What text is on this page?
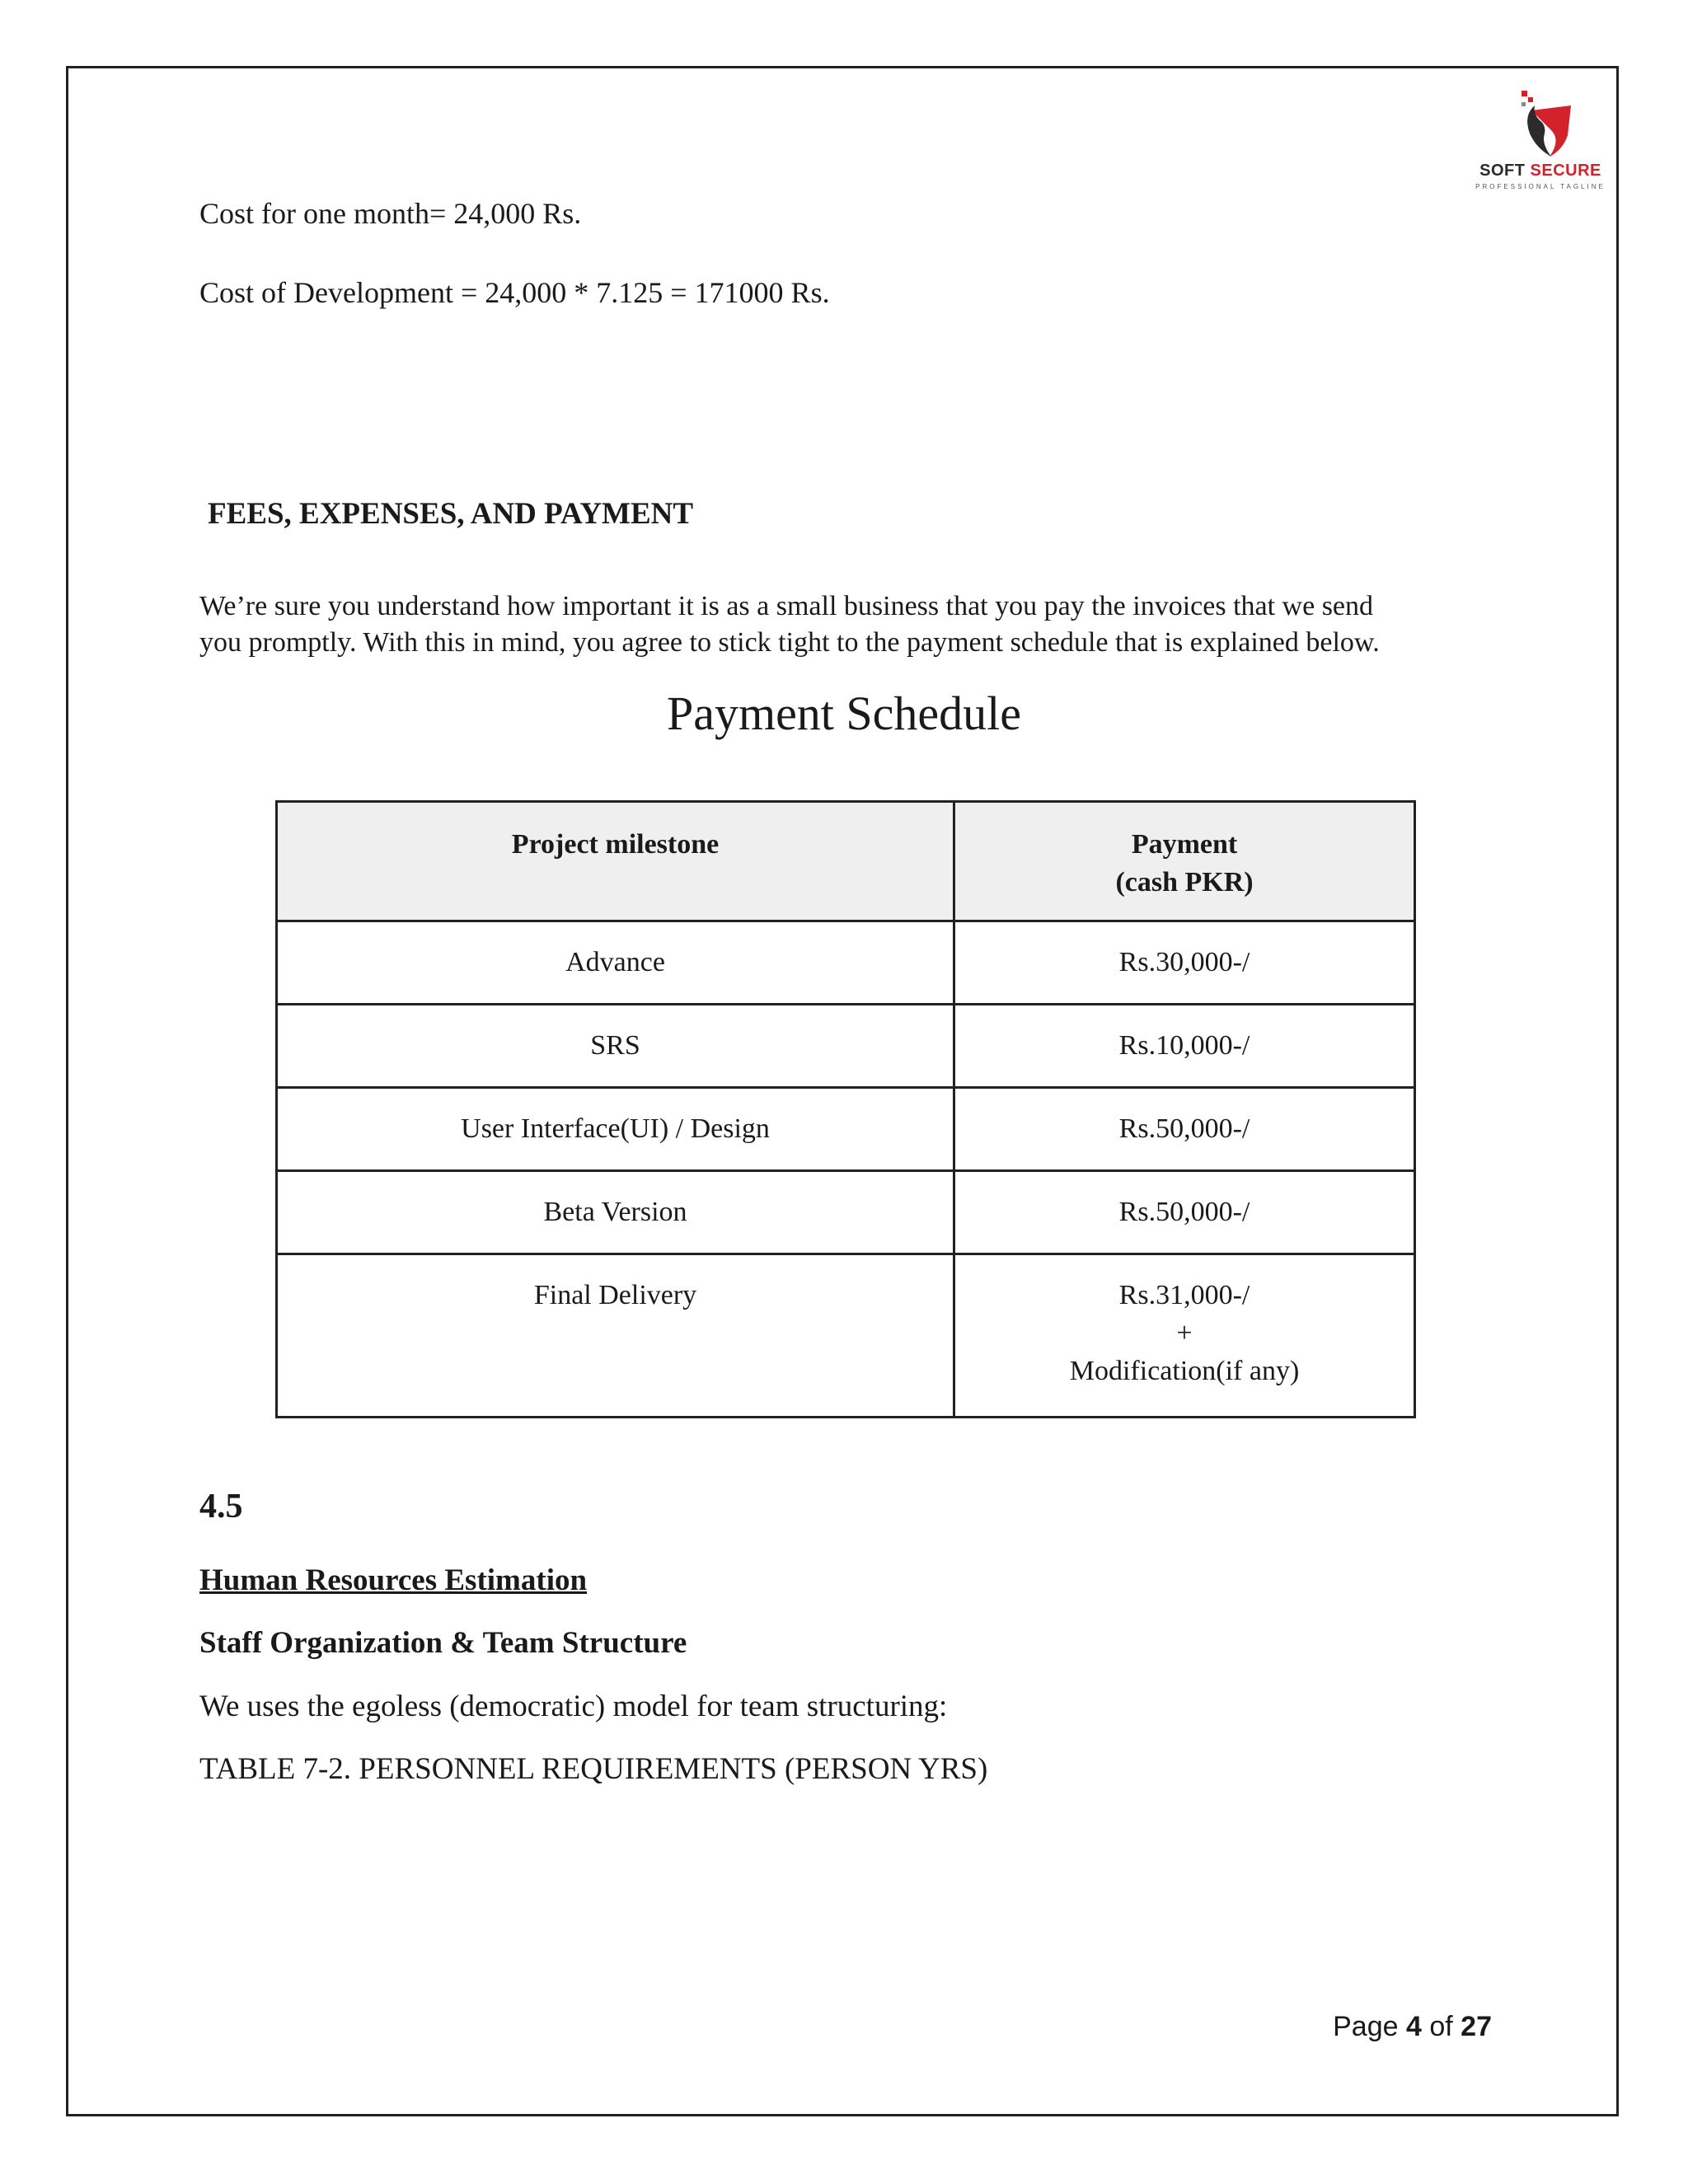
SOFT SECURE
PROFESSIONAL TAGLINE
Cost for one month= 24,000 Rs.
Cost of Development = 24,000 * 7.125 = 171000 Rs.
FEES, EXPENSES, AND PAYMENT
We’re sure you understand how important it is as a small business that you pay the invoices that we send
you promptly. With this in mind, you agree to stick tight to the payment schedule that is explained below.
Payment Schedule
Project milestone	Payment
(cash PKR)

Advance	Rs.30,000-/
SRS	Rs.10,000-/
User Interface(UI) / Design	Rs.50,000-/
Beta Version	Rs.50,000-/
Final Delivery	Rs.31,000-/
+
Modification(if any)
4.5
Human Resources Estimation
Staff Organization & Team Structure
We uses the egoless (democratic) model for team structuring:
TABLE 7-2. PERSONNEL REQUIREMENTS (PERSON YRS)
Page 4 of 27
